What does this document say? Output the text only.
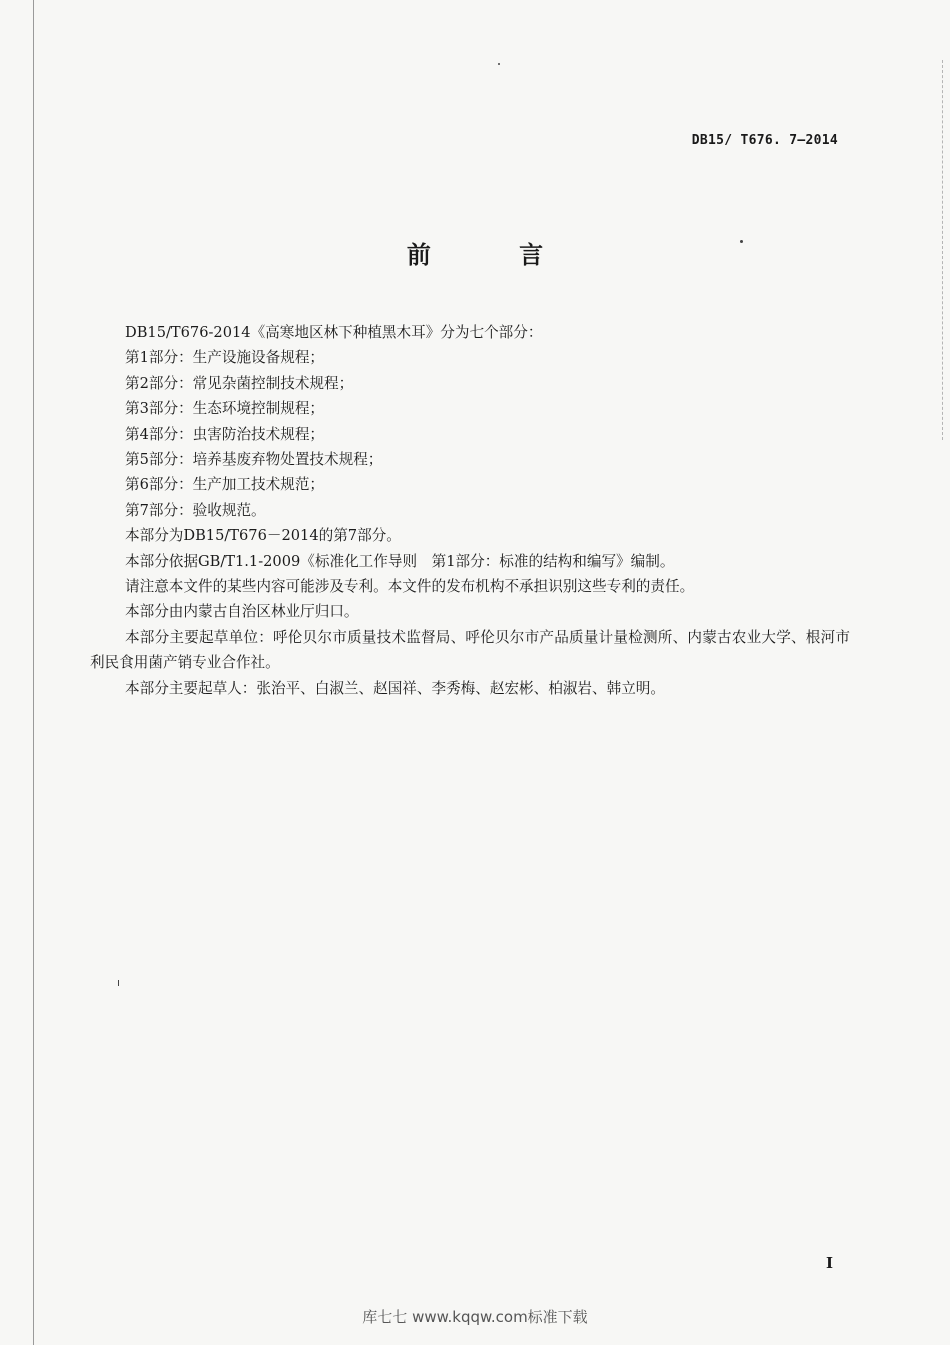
DB15/ T676. 7—2014
前 言

DB15/T676-2014《高寒地区林下种植黑木耳》分为七个部分：

第1部分：生产设施设备规程；

第2部分：常见杂菌控制技术规程；

第3部分：生态环境控制规程；

第4部分：虫害防治技术规程；

第5部分：培养基废弃物处置技术规程；

第6部分：生产加工技术规范；

第7部分：验收规范。

本部分为DB15/T676－2014的第7部分。

本部分依据GB/T1.1-2009《标准化工作导则　第1部分：标准的结构和编写》编制。

请注意本文件的某些内容可能涉及专利。本文件的发布机构不承担识别这些专利的责任。

本部分由内蒙古自治区林业厅归口。

本部分主要起草单位：呼伦贝尔市质量技术监督局、呼伦贝尔市产品质量计量检测所、内蒙古农业大学、根河市利民食用菌产销专业合作社。

本部分主要起草人：张治平、白淑兰、赵国祥、李秀梅、赵宏彬、柏淑岩、韩立明。

I
库七七 www.kqqw.com标准下载
